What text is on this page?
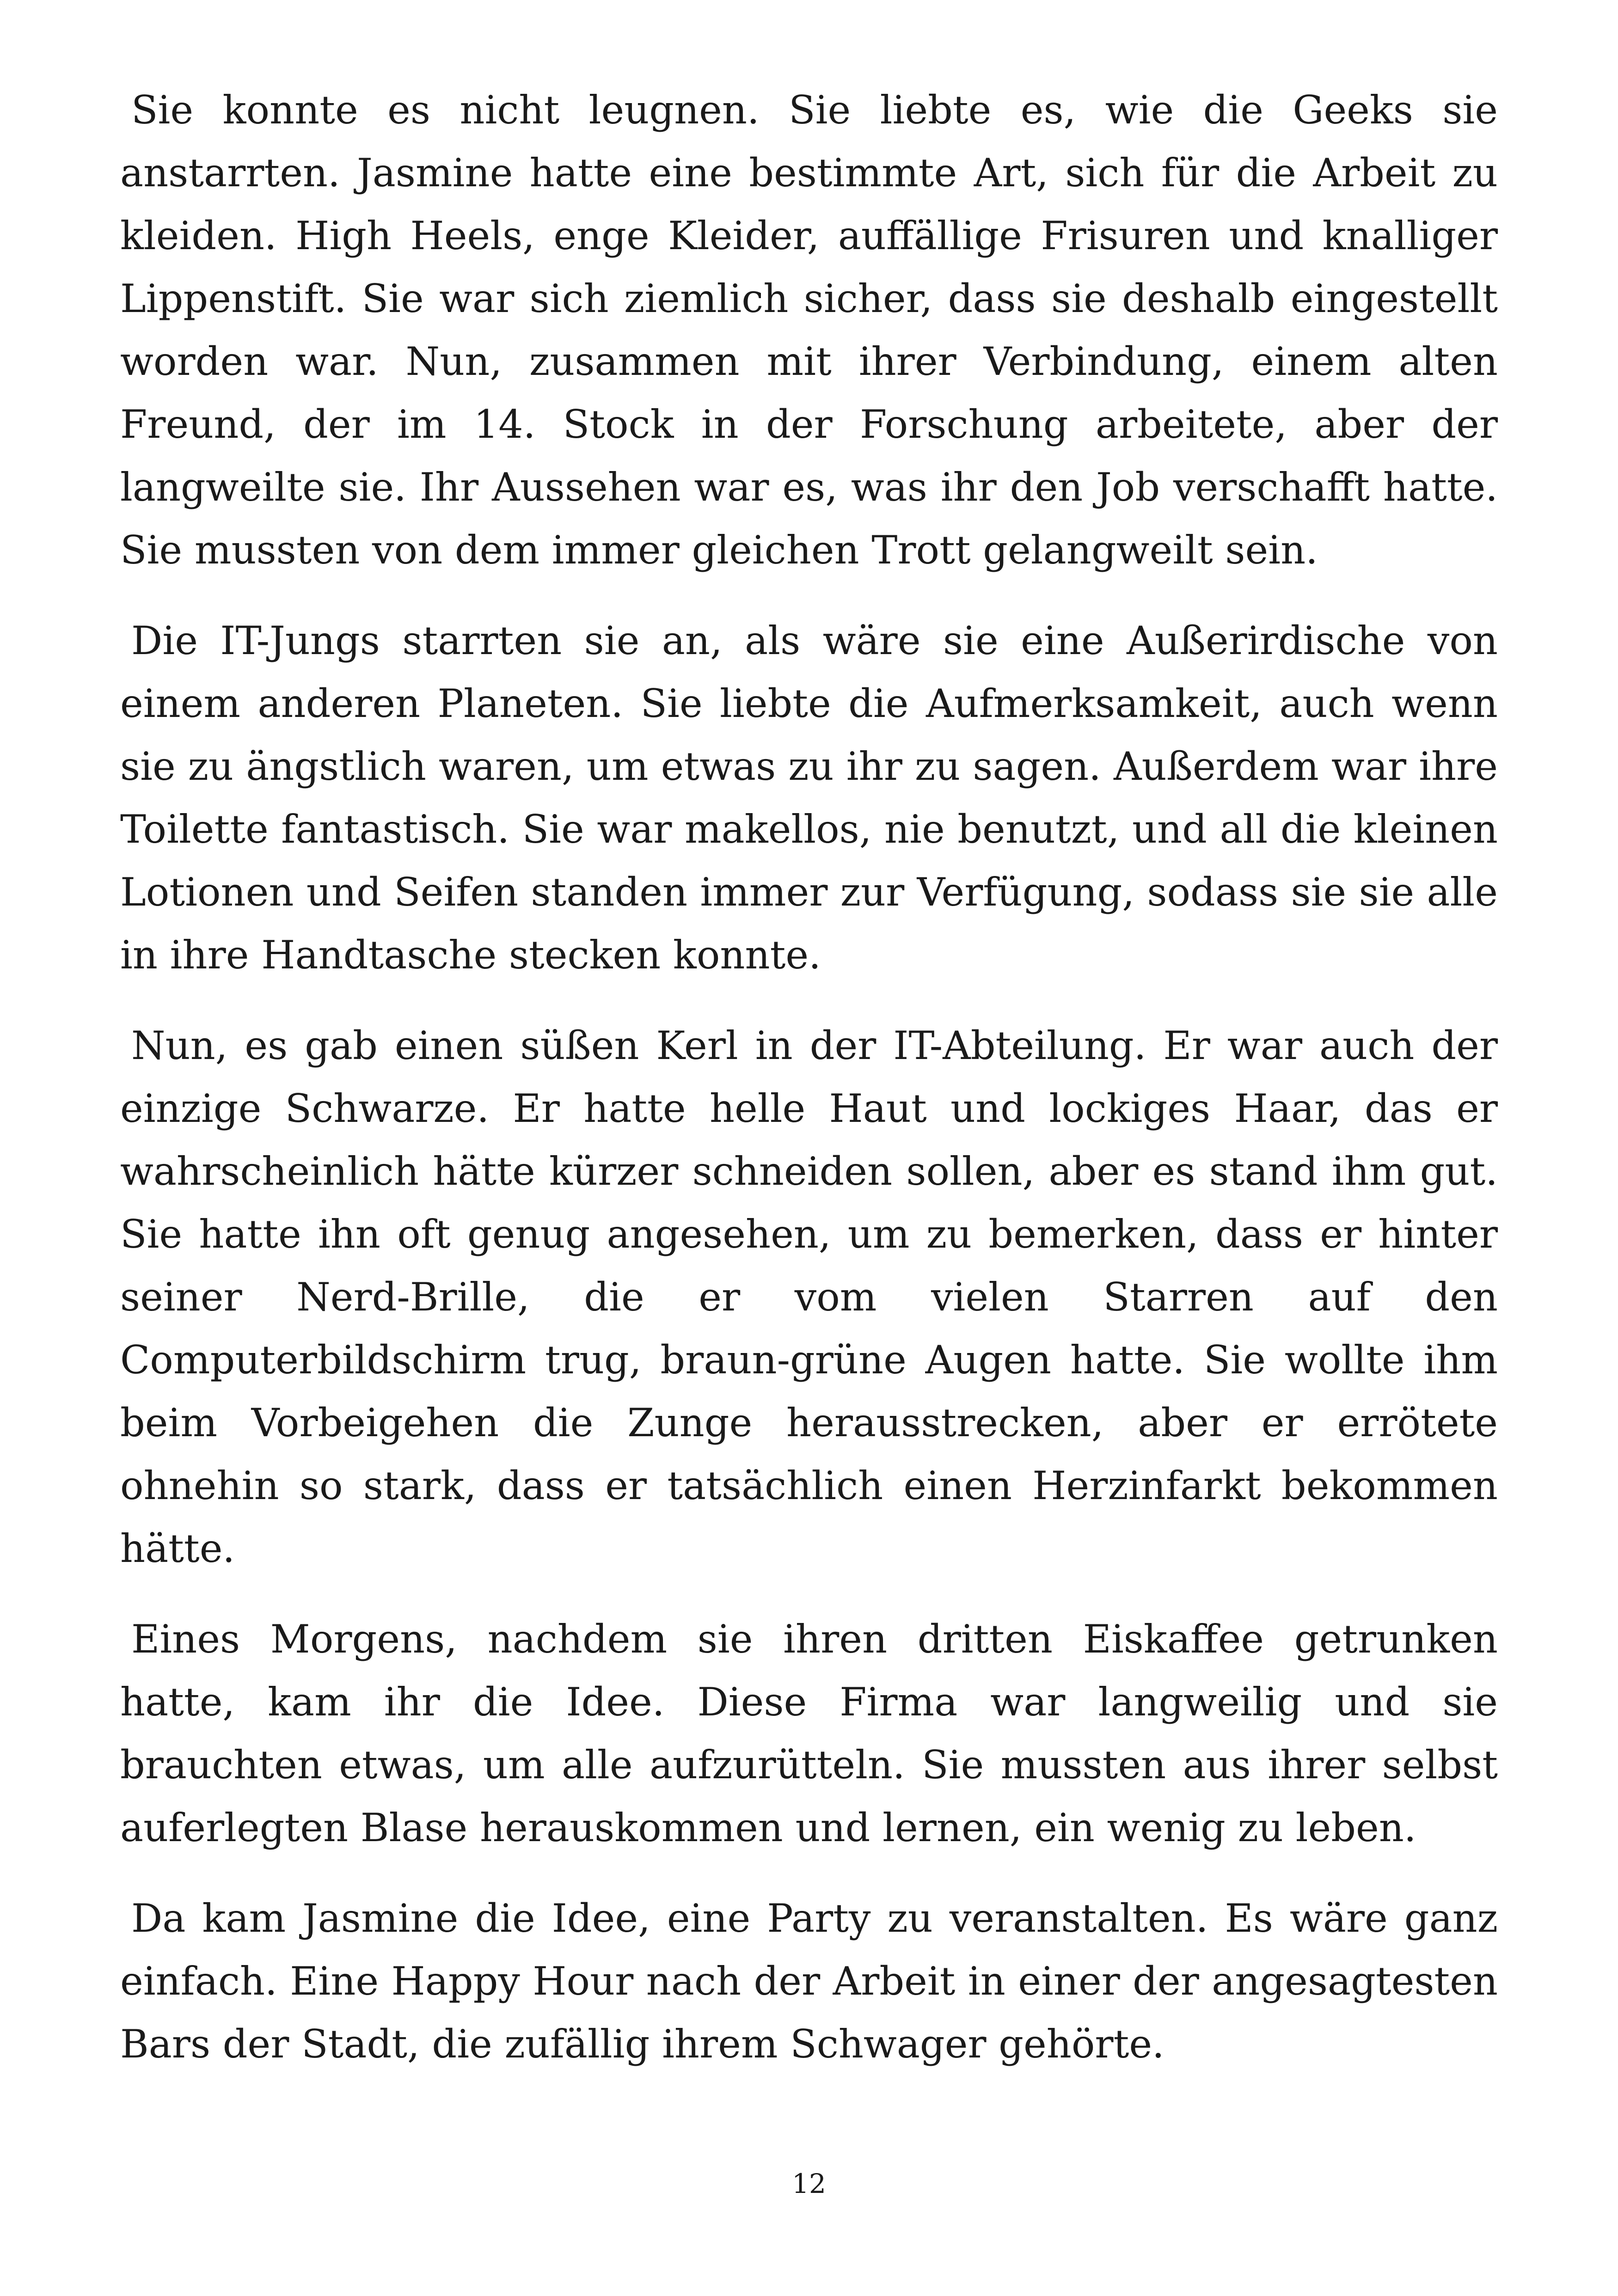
Sie konnte es nicht leugnen. Sie liebte es, wie die Geeks sie anstarrten. Jasmine hatte eine bestimmte Art, sich für die Arbeit zu kleiden. High Heels, enge Kleider, auffällige Frisuren und knalliger Lippenstift. Sie war sich ziemlich sicher, dass sie deshalb eingestellt worden war. Nun, zusammen mit ihrer Verbindung, einem alten Freund, der im 14. Stock in der Forschung arbeitete, aber der langweilte sie. Ihr Aussehen war es, was ihr den Job verschafft hatte. Sie mussten von dem immer gleichen Trott gelangweilt sein.

Die IT-Jungs starrten sie an, als wäre sie eine Außerirdische von einem anderen Planeten. Sie liebte die Aufmerksamkeit, auch wenn sie zu ängstlich waren, um etwas zu ihr zu sagen. Außerdem war ihre Toilette fantastisch. Sie war makellos, nie benutzt, und all die kleinen Lotionen und Seifen standen immer zur Verfügung, sodass sie sie alle in ihre Handtasche stecken konnte.

Nun, es gab einen süßen Kerl in der IT-Abteilung. Er war auch der einzige Schwarze. Er hatte helle Haut und lockiges Haar, das er wahrscheinlich hätte kürzer schneiden sollen, aber es stand ihm gut. Sie hatte ihn oft genug angesehen, um zu bemerken, dass er hinter seiner Nerd-Brille, die er vom vielen Starren auf den Computerbildschirm trug, braun-grüne Augen hatte. Sie wollte ihm beim Vorbeigehen die Zunge herausstrecken, aber er errötete ohnehin so stark, dass er tatsächlich einen Herzinfarkt bekommen hätte.

Eines Morgens, nachdem sie ihren dritten Eiskaffee getrunken hatte, kam ihr die Idee. Diese Firma war langweilig und sie brauchten etwas, um alle aufzurütteln. Sie mussten aus ihrer selbst auferlegten Blase herauskommen und lernen, ein wenig zu leben.

Da kam Jasmine die Idee, eine Party zu veranstalten. Es wäre ganz einfach. Eine Happy Hour nach der Arbeit in einer der angesagtesten Bars der Stadt, die zufällig ihrem Schwager gehörte.

12
